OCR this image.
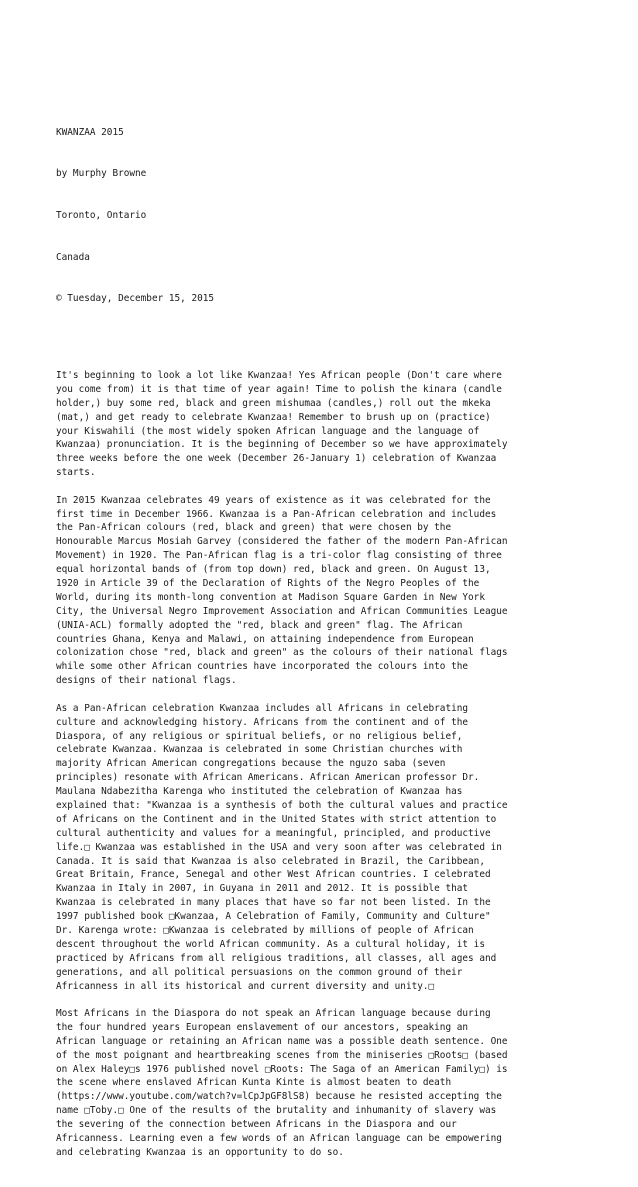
KWANZAA 2015

by Murphy Browne

Toronto, Ontario

Canada

© Tuesday, December 15, 2015

It's beginning to look a lot like Kwanzaa! Yes African people (Don't care where
you come from) it is that time of year again! Time to polish the kinara (candle
holder,) buy some red, black and green mishumaa (candles,) roll out the mkeka
(mat,) and get ready to celebrate Kwanzaa! Remember to brush up on (practice)
your Kiswahili (the most widely spoken African language and the language of
Kwanzaa) pronunciation. It is the beginning of December so we have approximately
three weeks before the one week (December 26-January 1) celebration of Kwanzaa
starts.
In 2015 Kwanzaa celebrates 49 years of existence as it was celebrated for the
first time in December 1966. Kwanzaa is a Pan-African celebration and includes
the Pan-African colours (red, black and green) that were chosen by the
Honourable Marcus Mosiah Garvey (considered the father of the modern Pan-African
Movement) in 1920. The Pan-African flag is a tri-color flag consisting of three
equal horizontal bands of (from top down) red, black and green. On August 13,
1920 in Article 39 of the Declaration of Rights of the Negro Peoples of the
World, during its month-long convention at Madison Square Garden in New York
City, the Universal Negro Improvement Association and African Communities League
(UNIA-ACL) formally adopted the "red, black and green" flag. The African
countries Ghana, Kenya and Malawi, on attaining independence from European
colonization chose "red, black and green" as the colours of their national flags
while some other African countries have incorporated the colours into the
designs of their national flags.
As a Pan-African celebration Kwanzaa includes all Africans in celebrating
culture and acknowledging history. Africans from the continent and of the
Diaspora, of any religious or spiritual beliefs, or no religious belief,
celebrate Kwanzaa. Kwanzaa is celebrated in some Christian churches with
majority African American congregations because the nguzo saba (seven
principles) resonate with African Americans. African American professor Dr.
Maulana Ndabezitha Karenga who instituted the celebration of Kwanzaa has
explained that: "Kwanzaa is a synthesis of both the cultural values and practice
of Africans on the Continent and in the United States with strict attention to
cultural authenticity and values for a meaningful, principled, and productive
life.□ Kwanzaa was established in the USA and very soon after was celebrated in
Canada. It is said that Kwanzaa is also celebrated in Brazil, the Caribbean,
Great Britain, France, Senegal and other West African countries. I celebrated
Kwanzaa in Italy in 2007, in Guyana in 2011 and 2012. It is possible that
Kwanzaa is celebrated in many places that have so far not been listed. In the
1997 published book □Kwanzaa, A Celebration of Family, Community and Culture"
Dr. Karenga wrote: □Kwanzaa is celebrated by millions of people of African
descent throughout the world African community. As a cultural holiday, it is
practiced by Africans from all religious traditions, all classes, all ages and
generations, and all political persuasions on the common ground of their
Africanness in all its historical and current diversity and unity.□
Most Africans in the Diaspora do not speak an African language because during
the four hundred years European enslavement of our ancestors, speaking an
African language or retaining an African name was a possible death sentence. One
of the most poignant and heartbreaking scenes from the miniseries □Roots□ (based
on Alex Haley□s 1976 published novel □Roots: The Saga of an American Family□) is
the scene where enslaved African Kunta Kinte is almost beaten to death
(https://www.youtube.com/watch?v=lCpJpGF8lS8) because he resisted accepting the
name □Toby.□ One of the results of the brutality and inhumanity of slavery was
the severing of the connection between Africans in the Diaspora and our
Africanness. Learning even a few words of an African language can be empowering
and celebrating Kwanzaa is an opportunity to do so.
